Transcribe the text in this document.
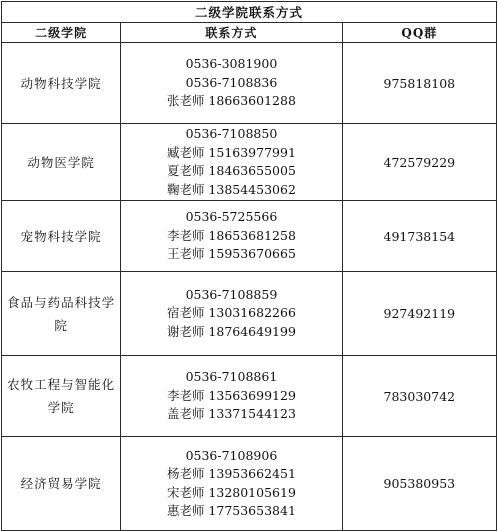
二级学院联系方式		
二级学院	联系方式	QQ群
动物科技学院	0536-3081900
0536-7108836
张老师 18663601288	975818108
动物医学院	0536-7108850
臧老师 15163977991
夏老师 18463655005
鞠老师 13854453062	472579229
宠物科技学院	0536-5725566
李老师 18653681258
王老师 15953670665	491738154
食品与药品科技学院	0536-7108859
宿老师 13031682266
谢老师 18764649199	927492119
农牧工程与智能化学院	0536-7108861
李老师 13563699129
盖老师 13371544123	783030742
经济贸易学院	0536-7108906
杨老师 13953662451
宋老师 13280105619
惠老师 17753653841	905380953
